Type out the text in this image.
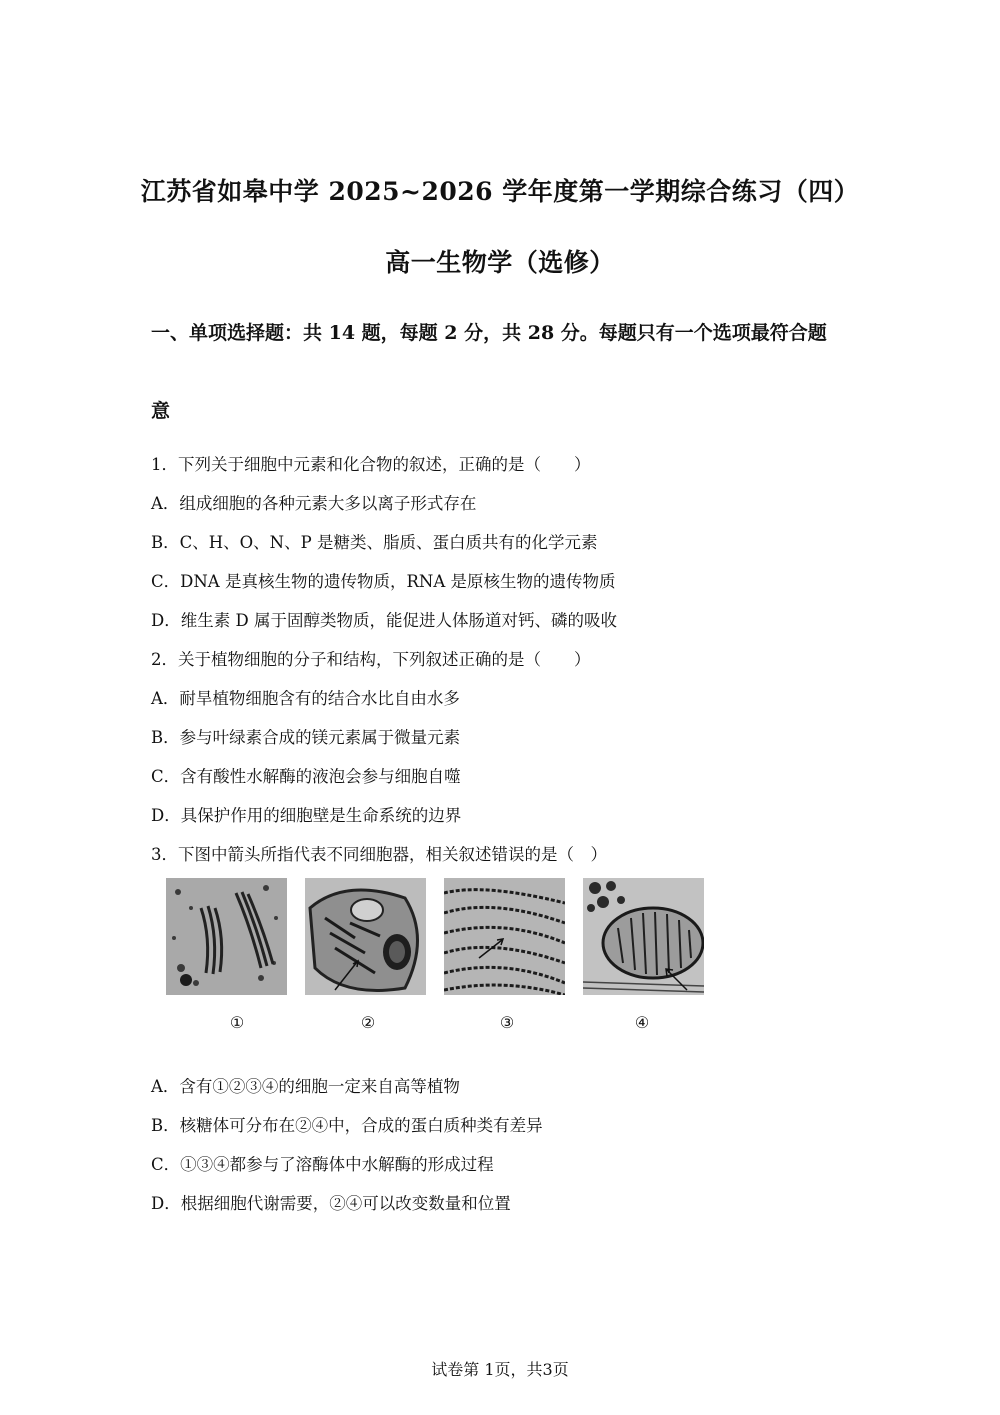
江苏省如皋中学 2025~2026 学年度第一学期综合练习（四）
高一生物学（选修）
一、单项选择题：共 14 题，每题 2 分，共 28 分。每题只有一个选项最符合题
意
1．下列关于细胞中元素和化合物的叙述，正确的是（　　）
A．组成细胞的各种元素大多以离子形式存在
B．C、H、O、N、P 是糖类、脂质、蛋白质共有的化学元素
C．DNA 是真核生物的遗传物质，RNA 是原核生物的遗传物质
D．维生素 D 属于固醇类物质，能促进人体肠道对钙、磷的吸收
2．关于植物细胞的分子和结构，下列叙述正确的是（　　）
A．耐旱植物细胞含有的结合水比自由水多
B．参与叶绿素合成的镁元素属于微量元素
C．含有酸性水解酶的液泡会参与细胞自噬
D．具保护作用的细胞壁是生命系统的边界
3．下图中箭头所指代表不同细胞器，相关叙述错误的是（　）
①	②	③	④
A．含有①②③④的细胞一定来自高等植物
B．核糖体可分布在②④中，合成的蛋白质种类有差异
C．①③④都参与了溶酶体中水解酶的形成过程
D．根据细胞代谢需要，②④可以改变数量和位置
试卷第 1页，共3页
